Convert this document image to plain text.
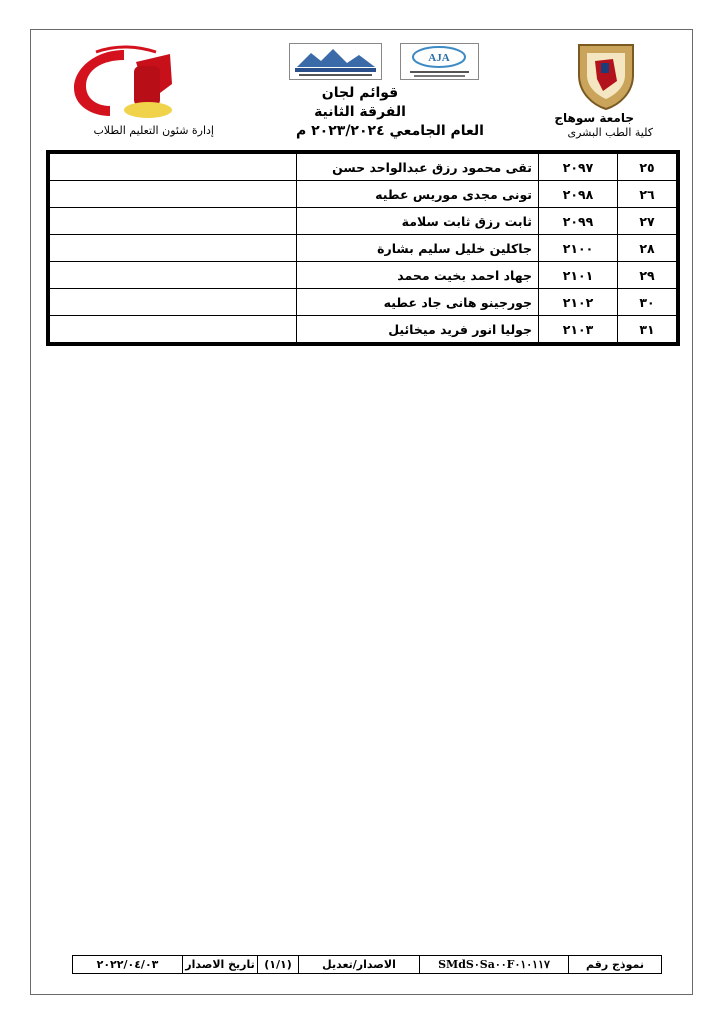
AJA
إدارة شئون التعليم الطلاب
قوائم لجان
الفرقة الثانية
العام الجامعي ٢٠٢٣/٢٠٢٤ م
جامعة سوهاج
كلية الطب البشرى
٢٥	٢٠٩٧	تقى محمود رزق عبدالواحد حسن	
٢٦	٢٠٩٨	تونى مجدى موريس عطيه	
٢٧	٢٠٩٩	ثابت رزق ثابت سلامة	
٢٨	٢١٠٠	جاكلين خليل سليم بشارة	
٢٩	٢١٠١	جهاد احمد بخيت محمد	
٣٠	٢١٠٢	جورجينو هانى جاد عطيه	
٣١	٢١٠٣	جوليا انور فريد ميخائيل	
نموذج رقم
SMdS٠Sa٠٠F٠١٠١١٧
الاصدار/تعديل
(١/١)
تاريخ الاصدار
٢٠٢٢/٠٤/٠٣
